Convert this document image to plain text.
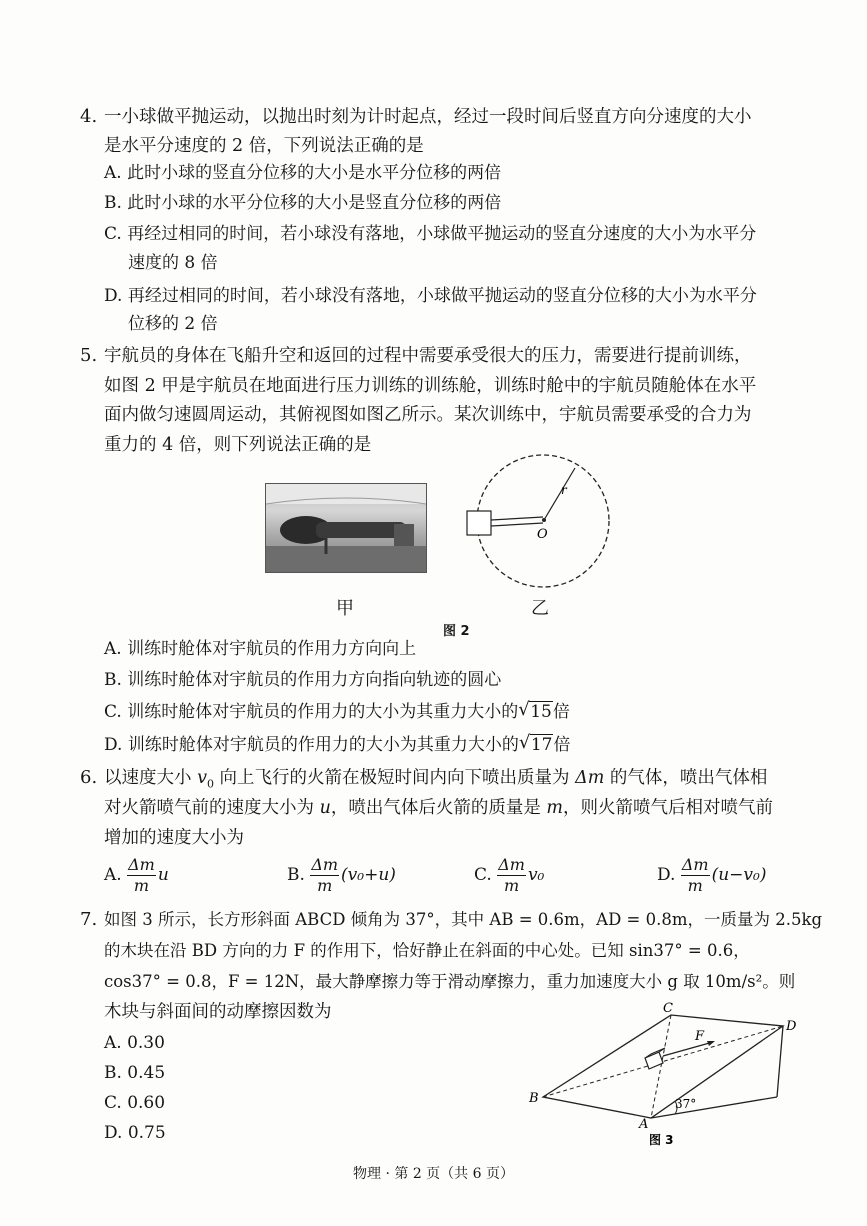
4. 一小球做平抛运动，以抛出时刻为计时起点，经过一段时间后竖直方向分速度的大小
是水平分速度的 2 倍，下列说法正确的是
A. 此时小球的竖直分位移的大小是水平分位移的两倍
B. 此时小球的水平分位移的大小是竖直分位移的两倍
C. 再经过相同的时间，若小球没有落地，小球做平抛运动的竖直分速度的大小为水平分
速度的 8 倍
D. 再经过相同的时间，若小球没有落地，小球做平抛运动的竖直分位移的大小为水平分
位移的 2 倍
5. 宇航员的身体在飞船升空和返回的过程中需要承受很大的压力，需要进行提前训练，
如图 2 甲是宇航员在地面进行压力训练的训练舱，训练时舱中的宇航员随舱体在水平
面内做匀速圆周运动，其俯视图如图乙所示。某次训练中，宇航员需要承受的合力为
重力的 4 倍，则下列说法正确的是
甲
O
r
乙
图 2
A. 训练时舱体对宇航员的作用力方向向上
B. 训练时舱体对宇航员的作用力方向指向轨迹的圆心
C. 训练时舱体对宇航员的作用力的大小为其重力大小的 √ 15倍
D. 训练时舱体对宇航员的作用力的大小为其重力大小的 √ 17倍
6. 以速度大小 $v_0$ 向上飞行的火箭在极短时间内向下喷出质量为 Δm 的气体，喷出气体相
对火箭喷气前的速度大小为 u，喷出气体后火箭的质量是 m，则火箭喷气后相对喷气前
增加的速度大小为
A. $\frac{\Delta m}{m}$ u	B. $\frac{\Delta m}{m} (v_0+u)$	C. $\frac{\Delta m}{m} v_0$	D. $\frac{\Delta m}{m} (u-v_0)$
7. 如图 3 所示，长方形斜面 ABCD 倾角为 37°，其中 AB = 0.6m，AD = 0.8m，一质量为 2.5kg
的木块在沿 BD 方向的力 F 的作用下，恰好静止在斜面的中心处。已知 sin37° = 0.6，
cos37° = 0.8，F = 12N，最大静摩擦力等于滑动摩擦力，重力加速度大小 g 取 10m/s²。则
木块与斜面间的动摩擦因数为
A. 0.30
B. 0.45
C. 0.60
D. 0.75
B
C
D
A
F
37°
图 3
物理 · 第 2 页（共 6 页）
